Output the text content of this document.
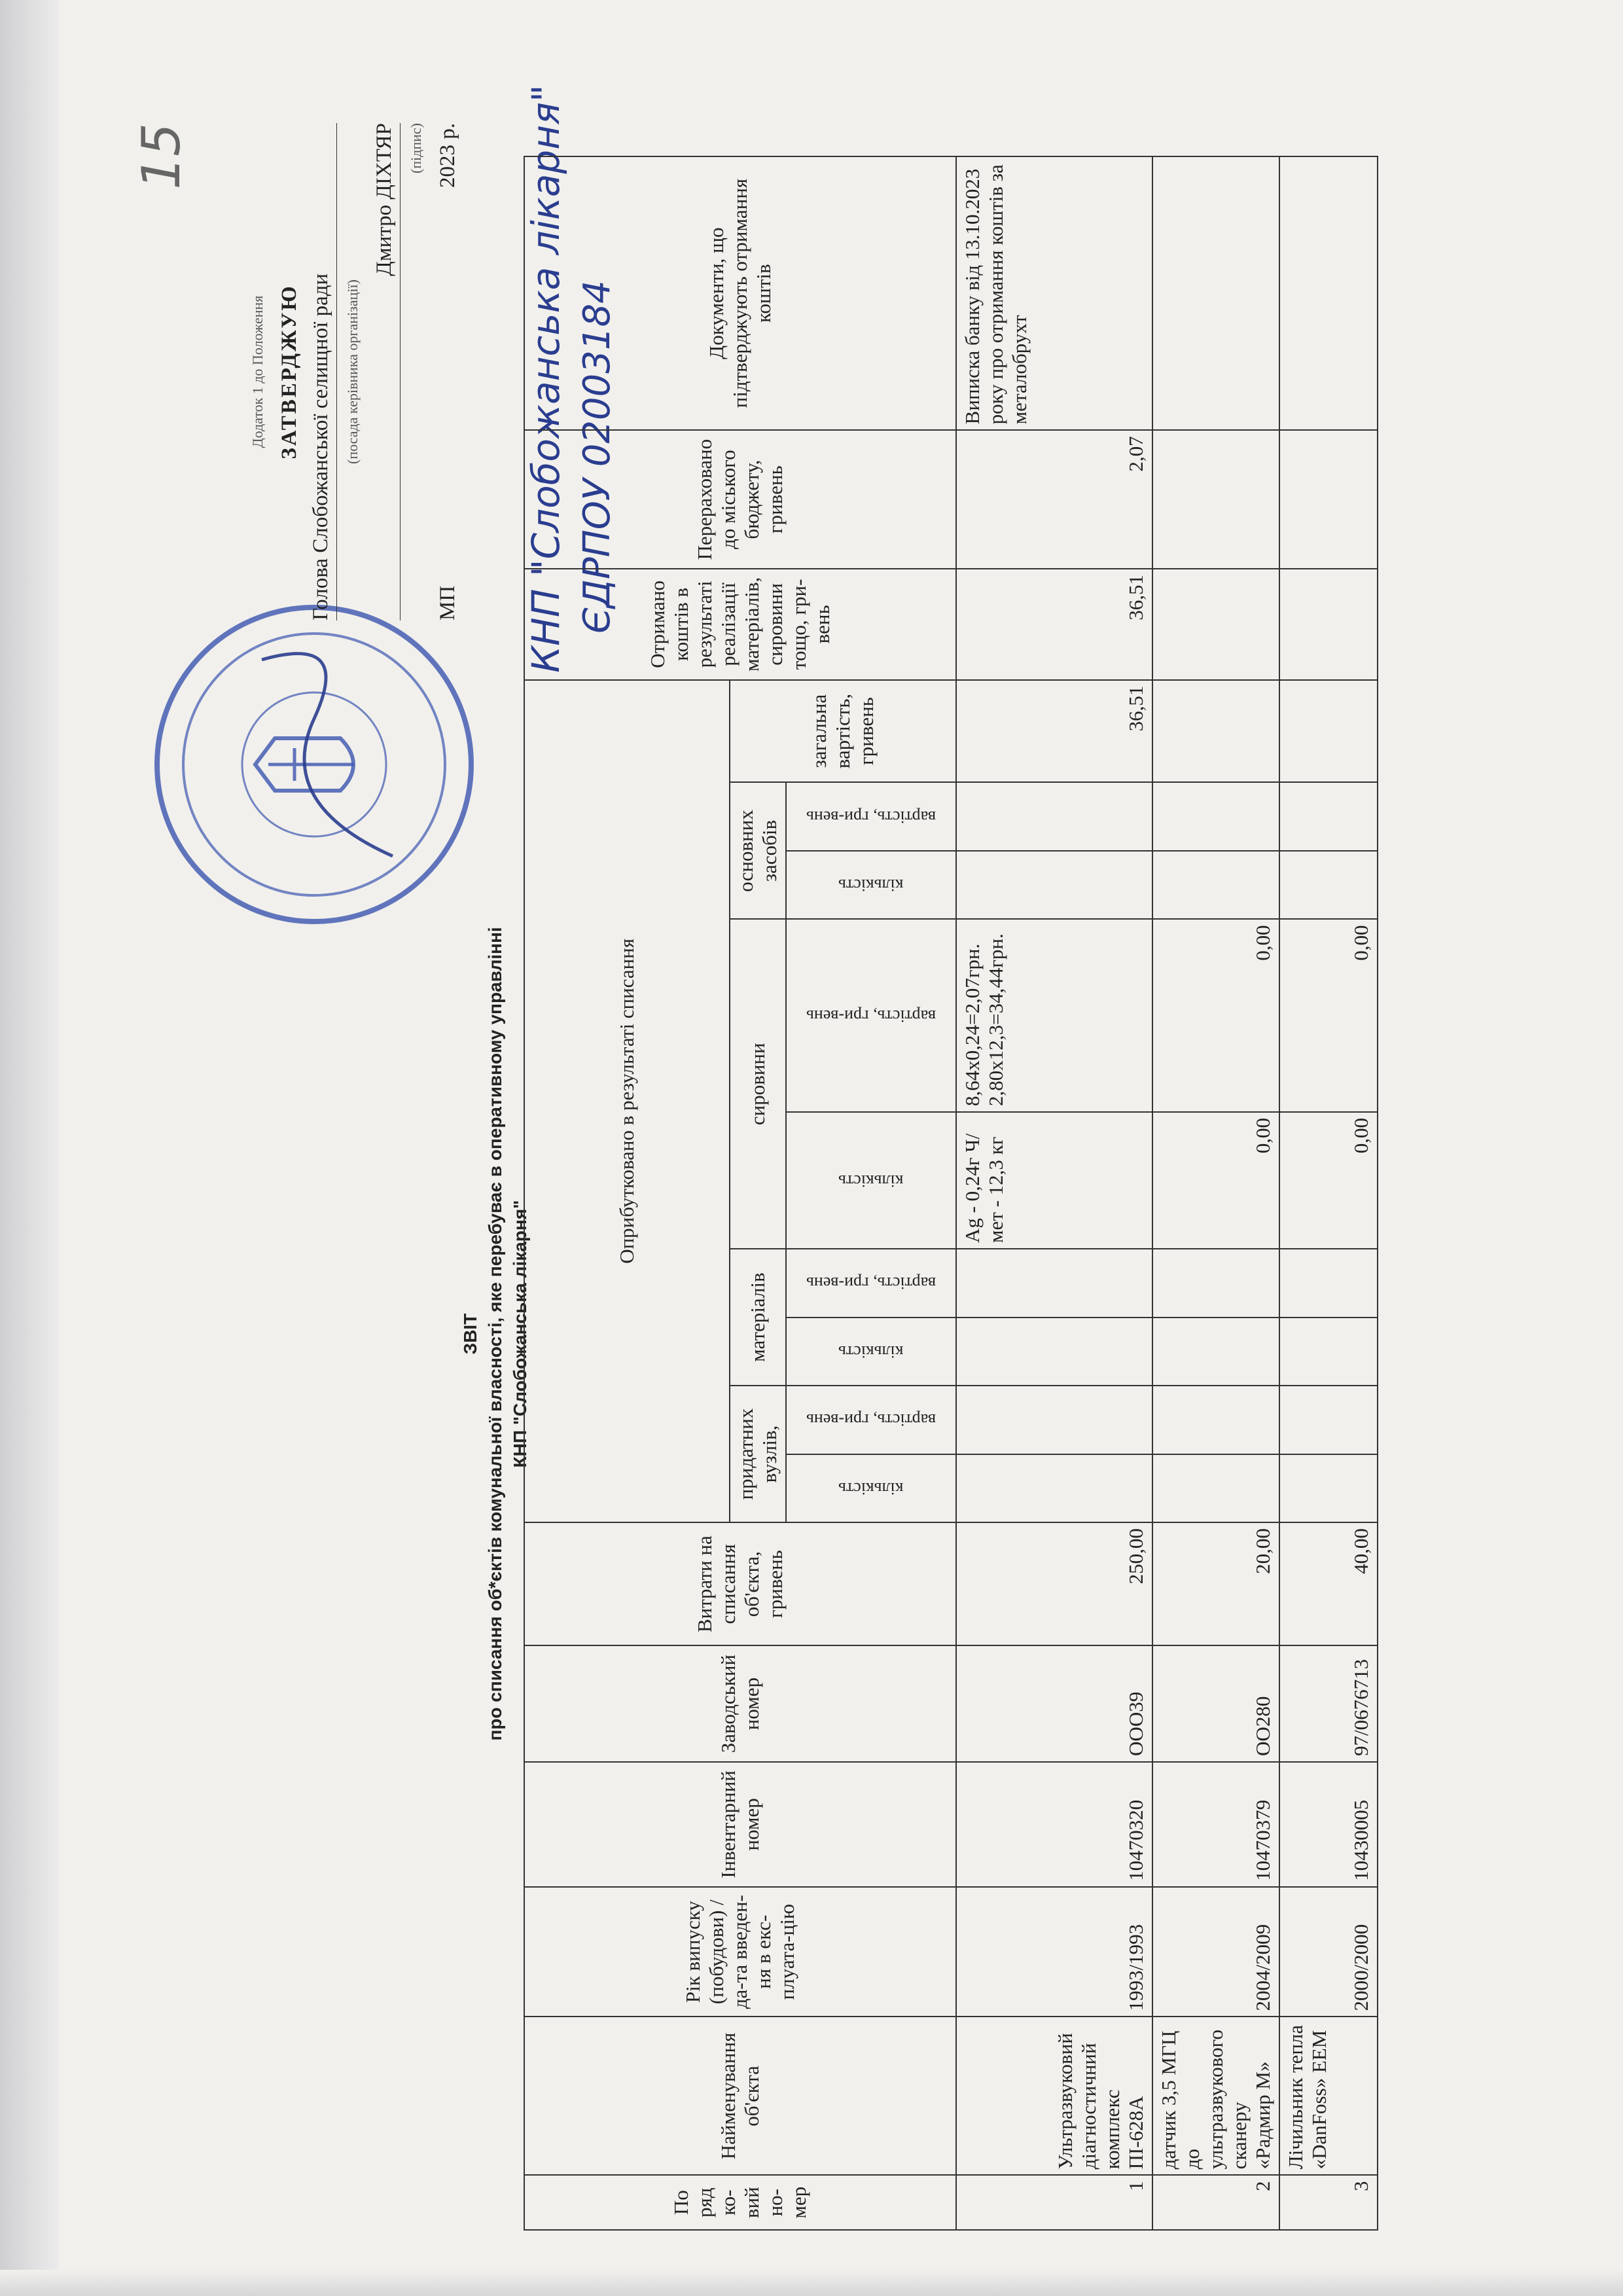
15
Додаток 1 до Положення ЗАТВЕРДЖУЮ Голова Слобожанської селищної ради (посада керівника організації)
Дмитро ДІХТЯР (підпис)
МП
2023 р. КНП "Слобожанська лікарня" ЄДРПОУ 02003184
ЗВІТ про списання об*єктів комунальної власності, яке перебуває в оперативному управлінні КНП "Слобожанська лікарня"
По ряд ко-вий но-мер	Найменування об'єкта	Рік випуску (побудови) / да-та введен-ня в екс-плуата-цію	Інвентарний номер	Заводський номер	Витрати на списання об'єкта, гривень	Оприбутковано в результаті списання									Отримано коштів в результаті реалізації матеріалів, сировини тощо, гри-вень	Перераховано до міського бюджету, гривень	Документи, що підтверджують отримання коштів
						придатних вузлів,		матеріалів		сировини		основних засобів		загальна вартість, гривень			

						кількість	вартість, гри-вень	кількість	вартість, гри-вень	кількість	вартість, гри-вень	кількість	вартість, гри-вень				

1	Ультразвуковий діагностичний комплекс ПӀ-628А	1993/1993	10470320	ООО39	250,00					Ag - 0,24г Ч/мет - 12,3 кг	8,64х0,24=2,07грн. 2,80х12,3=34,44грн.			36,51	36,51	2,07	Виписка банку від 13.10.2023 року про отримання коштів за металобрухт
2	датчик 3,5 МГЦ до ультразвукового сканеру «Радмир М»	2004/2009	10470379	ОО280	20,00					0,00	0,00						
3	Лічильник тепла «DanFoss» EEM	2000/2000	10430005	97/0676713	40,00					0,00	0,00						
